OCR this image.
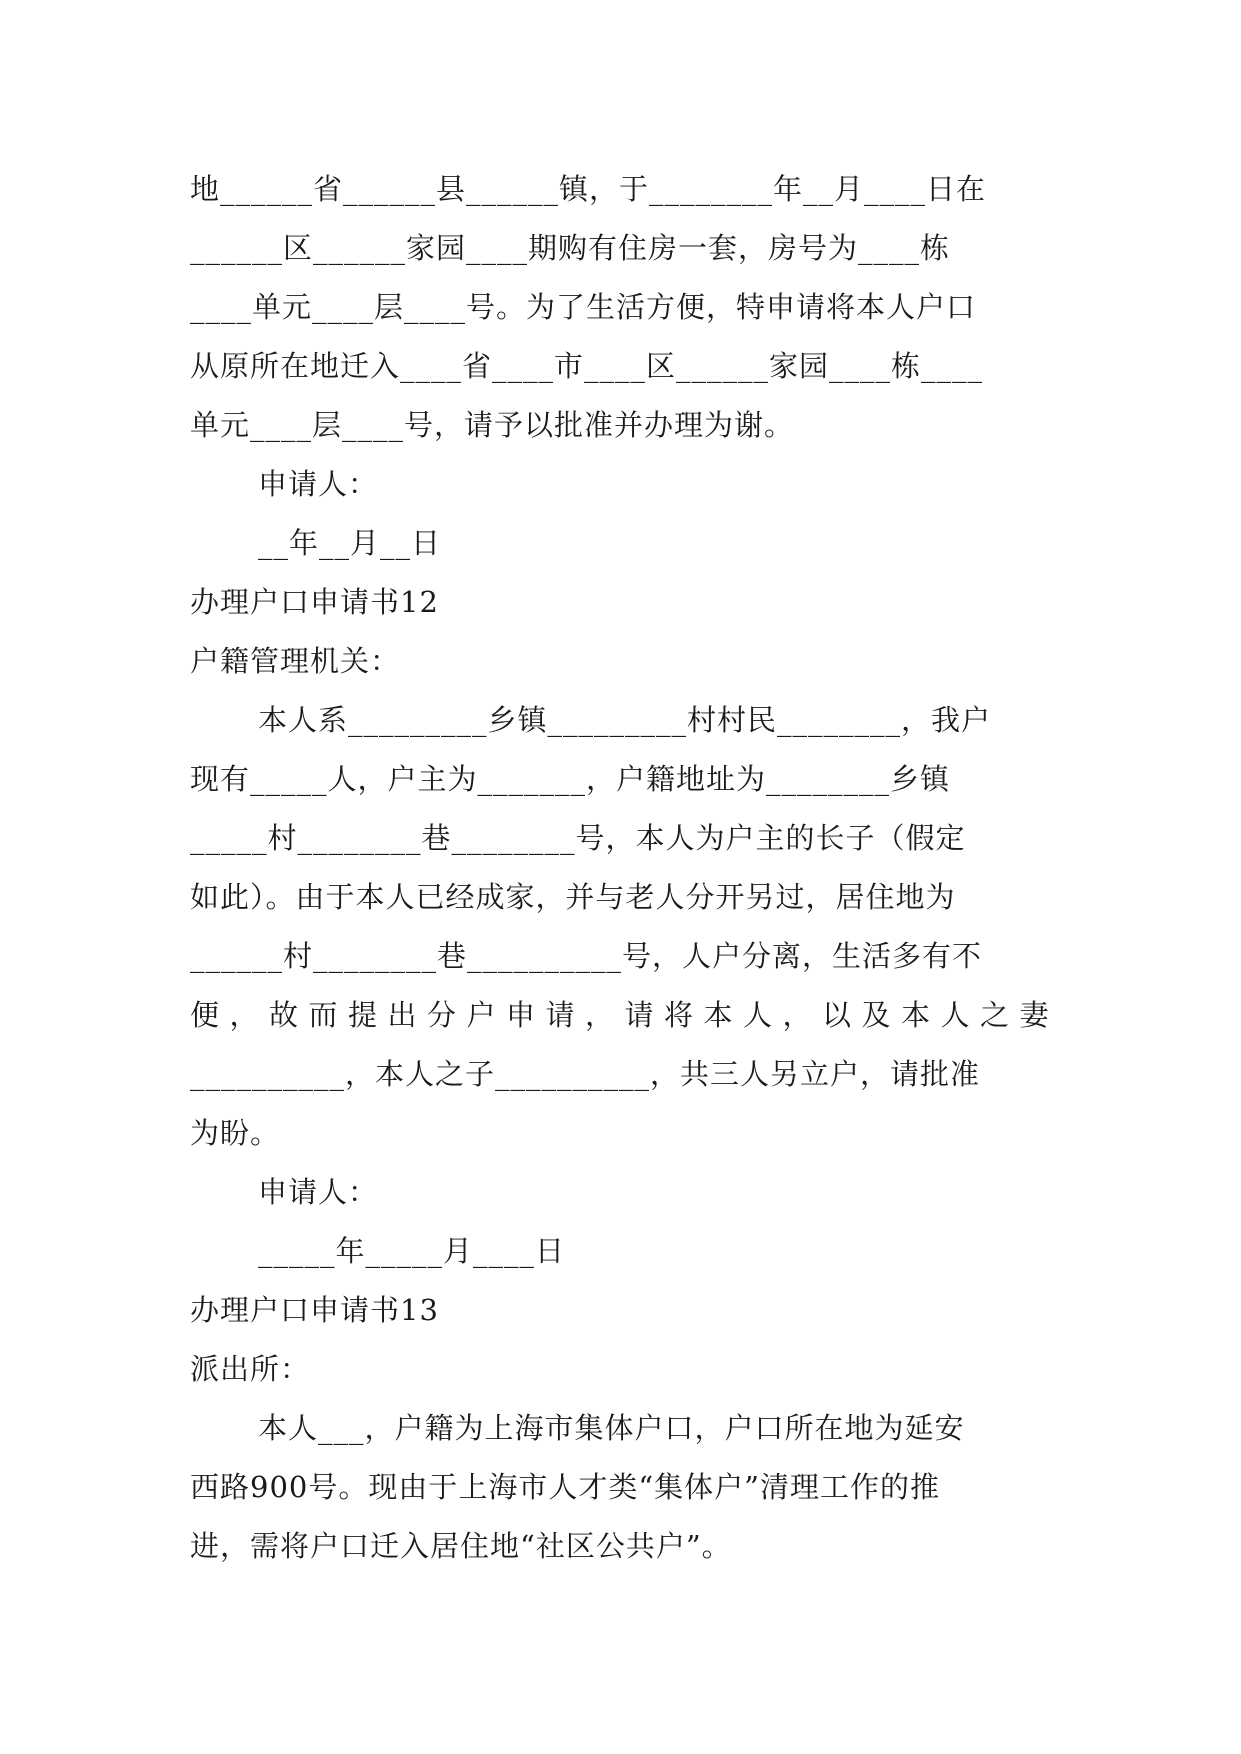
地______省______县______镇，于________年__月____日在
______区______家园____期购有住房一套，房号为____栋
____单元____层____号。为了生活方便，特申请将本人户口
从原所在地迁入____省____市____区______家园____栋____
单元____层____号，请予以批准并办理为谢。
申请人：
__年__月__日
办理户口申请书12
户籍管理机关：
本人系_________乡镇_________村村民________，我户
现有_____人，户主为_______，户籍地址为________乡镇
_____村________巷________号，本人为户主的长子（假定
如此）。由于本人已经成家，并与老人分开另过，居住地为
______村________巷__________号，人户分离，生活多有不
便，故而提出分户申请，请将本人，以及本人之妻
__________，本人之子__________，共三人另立户，请批准
为盼。
申请人：
_____年_____月____日
办理户口申请书13
派出所：
本人___，户籍为上海市集体户口，户口所在地为延安
西路900号。现由于上海市人才类“集体户”清理工作的推
进，需将户口迁入居住地“社区公共户”。
